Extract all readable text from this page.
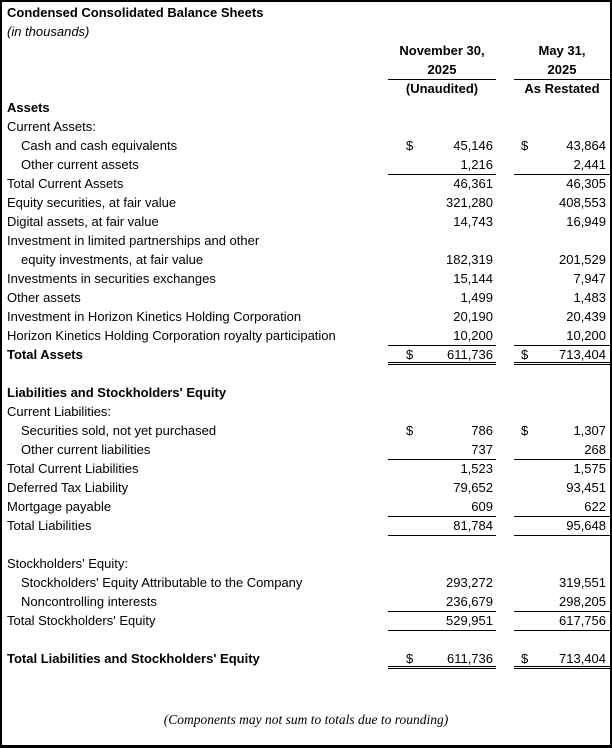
Condensed Consolidated Balance Sheets
(in thousands)
November 30,	May 31,
2025	2025
(Unaudited)	As Restated
Assets
Current Assets:
Cash and cash equivalents	$	45,146 $	43,864
Other current assets	1,216	2,441
Total Current Assets	46,361	46,305
Equity securities, at fair value	321,280	408,553
Digital assets, at fair value	14,743	16,949
Investment in limited partnerships and other
equity investments, at fair value	182,319	201,529
Investments in securities exchanges	15,144	7,947
Other assets	1,499	1,483
Investment in Horizon Kinetics Holding Corporation	20,190	20,439
Horizon Kinetics Holding Corporation royalty participation	10,200	10,200
Total Assets	$	611,736 $ 713,404
Liabilities and Stockholders' Equity
Current Liabilities:
Securities sold, not yet purchased	$	786 $	1,307
Other current liabilities	737	268
Total Current Liabilities	1,523	1,575
Deferred Tax Liability	79,652	93,451
Mortgage payable	609	622
Total Liabilities	81,784	95,648
Stockholders' Equity:
Stockholders' Equity Attributable to the Company	293,272	319,551
Noncontrolling interests	236,679	298,205
Total Stockholders' Equity	529,951	617,756
Total Liabilities and Stockholders' Equity	$	611,736 $ 713,404
(Components may not sum to totals due to rounding)
